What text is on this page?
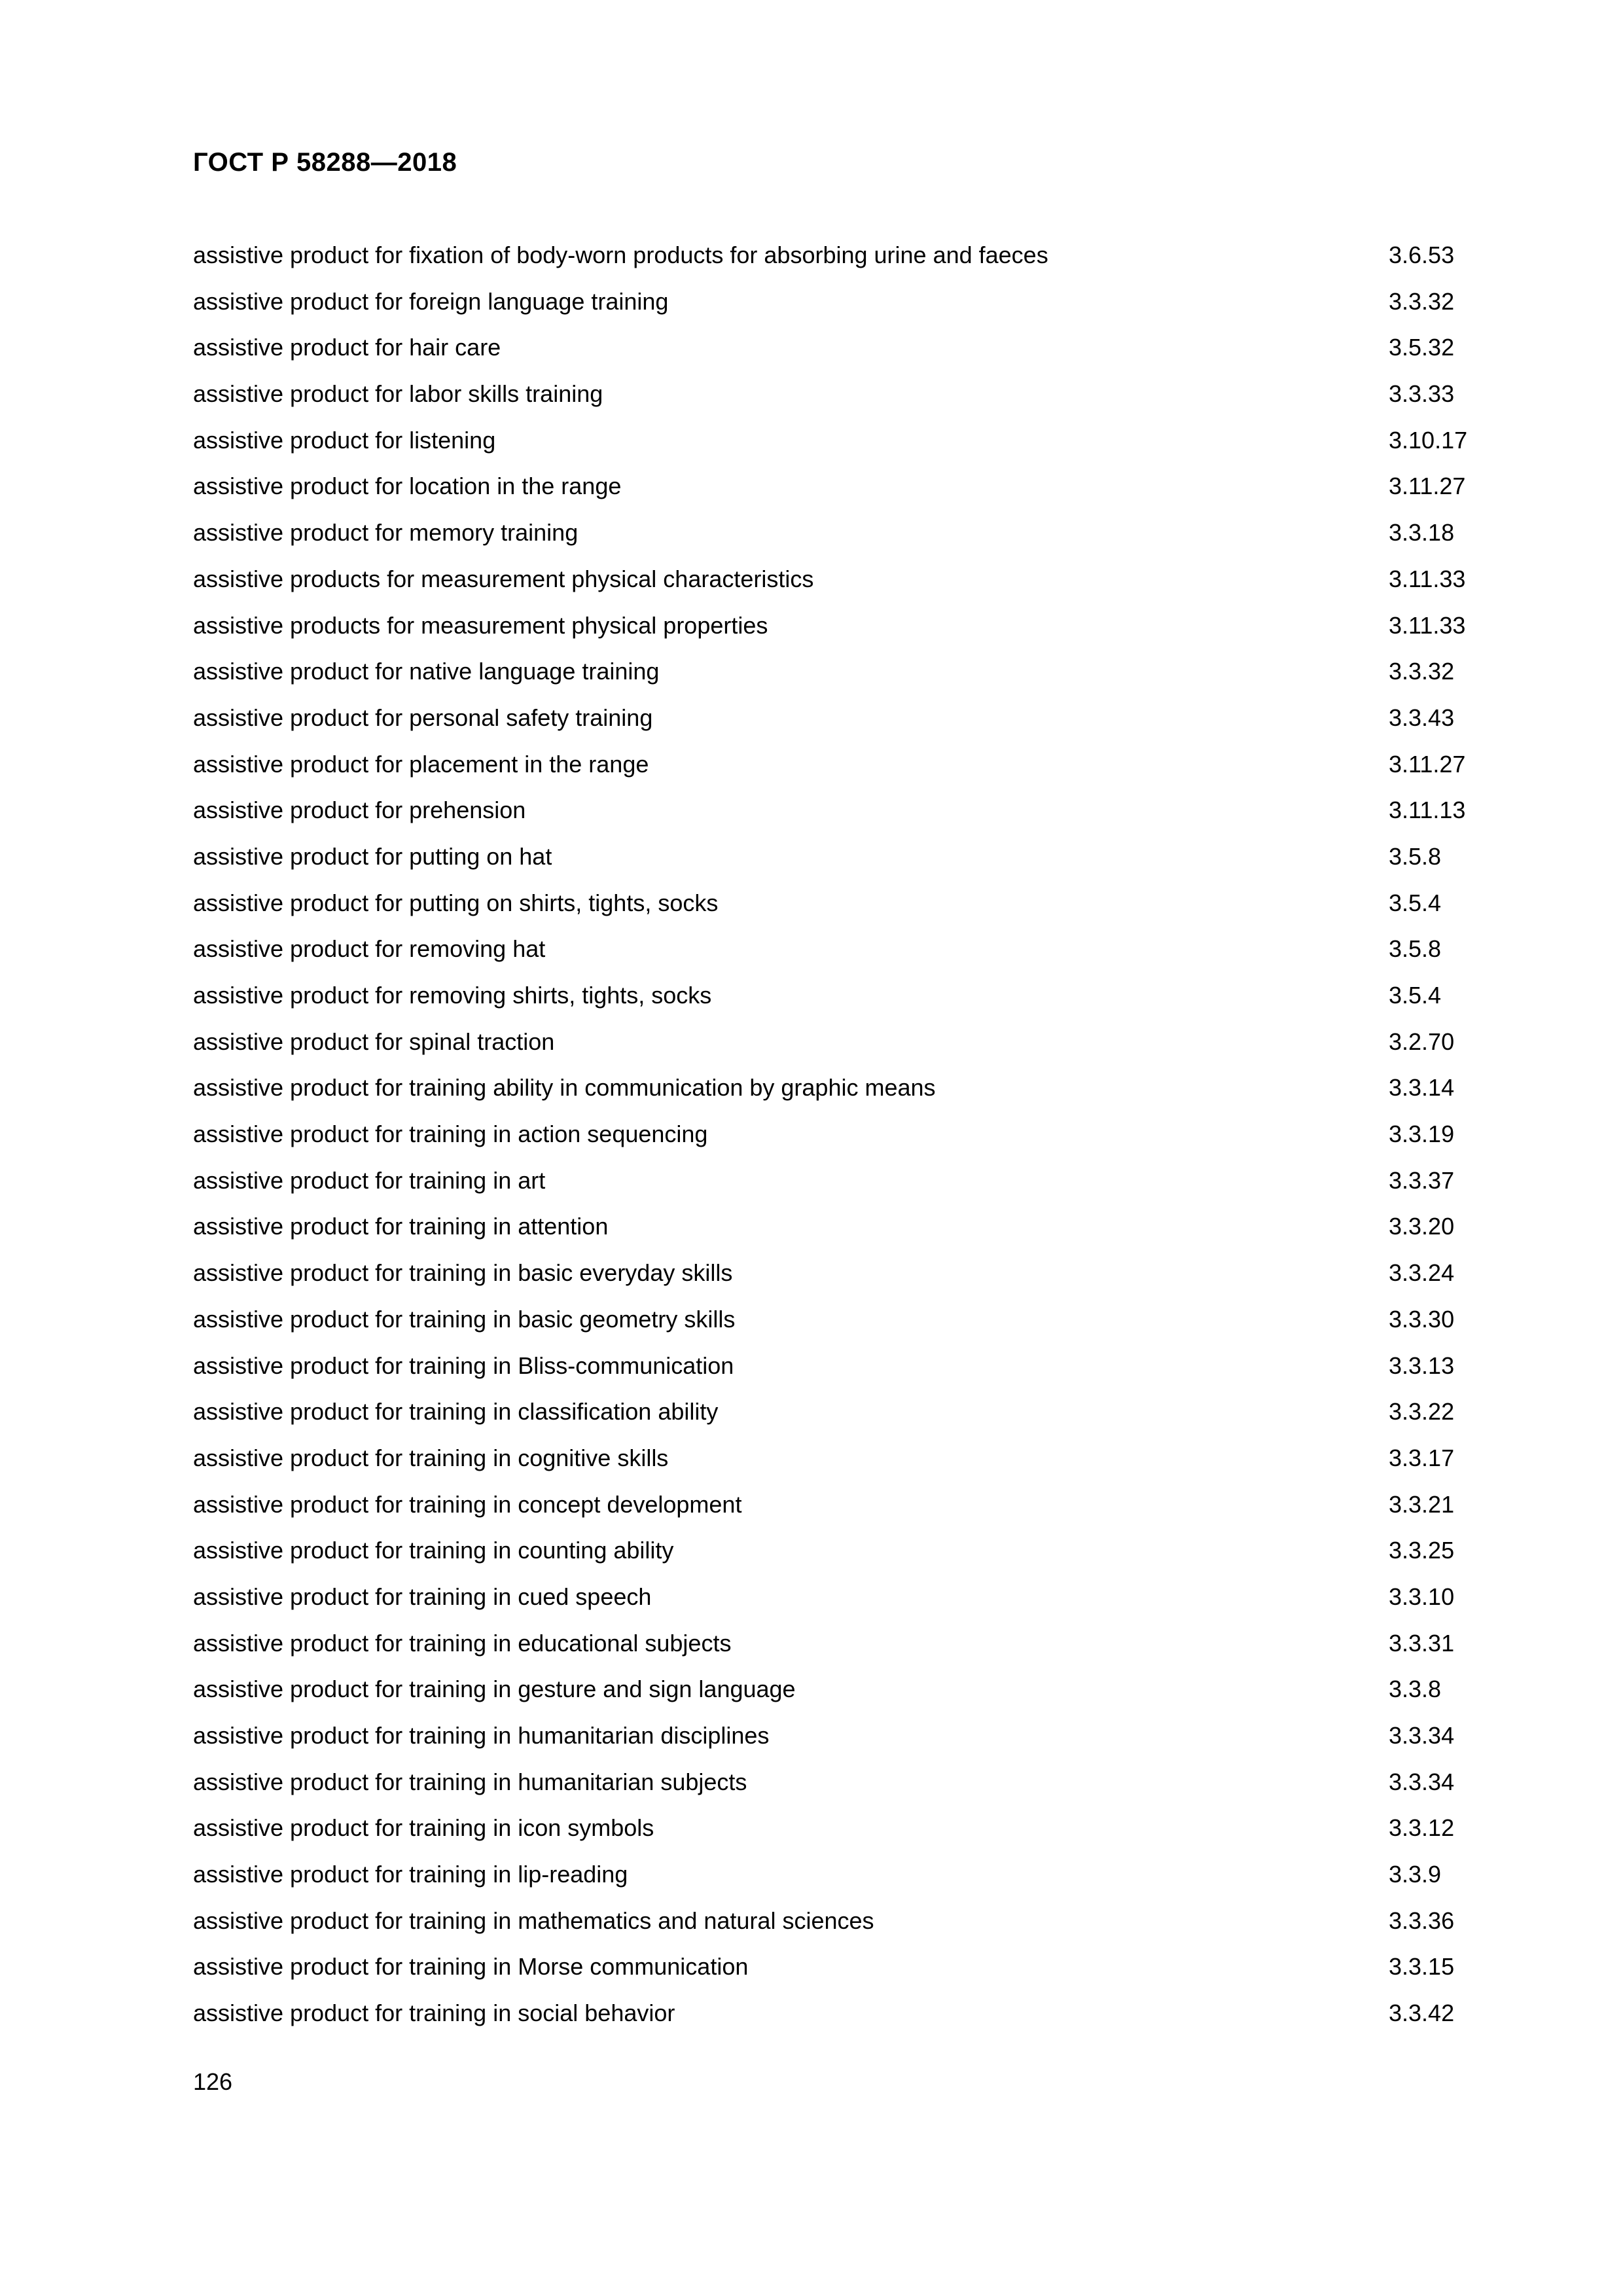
ГОСТ Р 58288—2018
assistive product for fixation of body-worn products for absorbing urine and faeces	3.6.53
assistive product for foreign language training	3.3.32
assistive product for hair care	3.5.32
assistive product for labor skills training	3.3.33
assistive product for listening	3.10.17
assistive product for location in the range	3.11.27
assistive product for memory training	3.3.18
assistive products for measurement physical characteristics	3.11.33
assistive products for measurement physical properties	3.11.33
assistive product for native language training	3.3.32
assistive product for personal safety training	3.3.43
assistive product for placement in the range	3.11.27
assistive product for prehension	3.11.13
assistive product for putting on hat	3.5.8
assistive product for putting on shirts, tights, socks	3.5.4
assistive product for removing hat	3.5.8
assistive product for removing shirts, tights, socks	3.5.4
assistive product for spinal traction	3.2.70
assistive product for training ability in communication by graphic means	3.3.14
assistive product for training in action sequencing	3.3.19
assistive product for training in art	3.3.37
assistive product for training in attention	3.3.20
assistive product for training in basic everyday skills	3.3.24
assistive product for training in basic geometry skills	3.3.30
assistive product for training in Bliss-communication	3.3.13
assistive product for training in classification ability	3.3.22
assistive product for training in cognitive skills	3.3.17
assistive product for training in concept development	3.3.21
assistive product for training in counting ability	3.3.25
assistive product for training in cued speech	3.3.10
assistive product for training in educational subjects	3.3.31
assistive product for training in gesture and sign language	3.3.8
assistive product for training in humanitarian disciplines	3.3.34
assistive product for training in humanitarian subjects	3.3.34
assistive product for training in icon symbols	3.3.12
assistive product for training in lip-reading	3.3.9
assistive product for training in mathematics and natural sciences	3.3.36
assistive product for training in Morse communication	3.3.15
assistive product for training in social behavior	3.3.42
126
